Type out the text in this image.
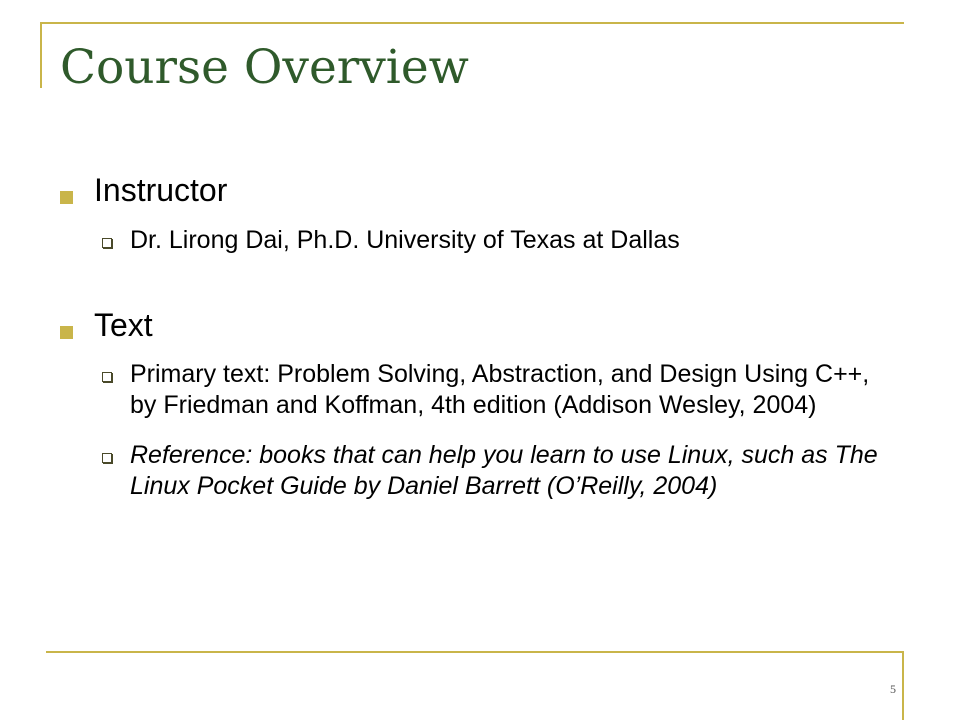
Course Overview

Instructor

Dr. Lirong Dai, Ph.D. University of Texas at Dallas

Text

Primary text: Problem Solving, Abstraction, and Design Using C++, by Friedman and Koffman, 4th edition (Addison Wesley, 2004)

Reference: books that can help you learn to use Linux, such as The Linux Pocket Guide by Daniel Barrett (O’Reilly, 2004)

5
